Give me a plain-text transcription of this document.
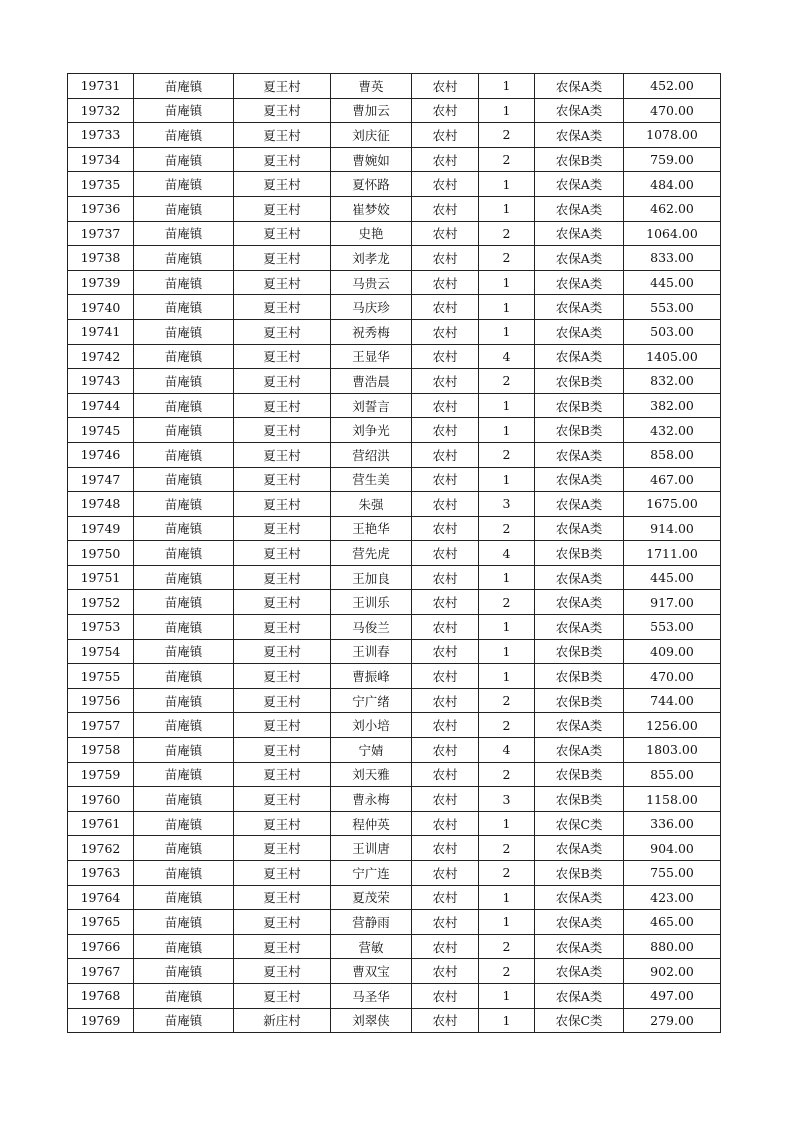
19731	苗庵镇	夏王村	曹英	农村	1	农保A类	452.00
19732	苗庵镇	夏王村	曹加云	农村	1	农保A类	470.00
19733	苗庵镇	夏王村	刘庆征	农村	2	农保A类	1078.00
19734	苗庵镇	夏王村	曹婉如	农村	2	农保B类	759.00
19735	苗庵镇	夏王村	夏怀路	农村	1	农保A类	484.00
19736	苗庵镇	夏王村	崔梦姣	农村	1	农保A类	462.00
19737	苗庵镇	夏王村	史艳	农村	2	农保A类	1064.00
19738	苗庵镇	夏王村	刘孝龙	农村	2	农保A类	833.00
19739	苗庵镇	夏王村	马贵云	农村	1	农保A类	445.00
19740	苗庵镇	夏王村	马庆珍	农村	1	农保A类	553.00
19741	苗庵镇	夏王村	祝秀梅	农村	1	农保A类	503.00
19742	苗庵镇	夏王村	王显华	农村	4	农保A类	1405.00
19743	苗庵镇	夏王村	曹浩晨	农村	2	农保B类	832.00
19744	苗庵镇	夏王村	刘誓言	农村	1	农保B类	382.00
19745	苗庵镇	夏王村	刘争光	农村	1	农保B类	432.00
19746	苗庵镇	夏王村	营绍洪	农村	2	农保A类	858.00
19747	苗庵镇	夏王村	营生美	农村	1	农保A类	467.00
19748	苗庵镇	夏王村	朱强	农村	3	农保A类	1675.00
19749	苗庵镇	夏王村	王艳华	农村	2	农保A类	914.00
19750	苗庵镇	夏王村	营先虎	农村	4	农保B类	1711.00
19751	苗庵镇	夏王村	王加良	农村	1	农保A类	445.00
19752	苗庵镇	夏王村	王训乐	农村	2	农保A类	917.00
19753	苗庵镇	夏王村	马俊兰	农村	1	农保A类	553.00
19754	苗庵镇	夏王村	王训春	农村	1	农保B类	409.00
19755	苗庵镇	夏王村	曹振峰	农村	1	农保B类	470.00
19756	苗庵镇	夏王村	宁广绪	农村	2	农保B类	744.00
19757	苗庵镇	夏王村	刘小培	农村	2	农保A类	1256.00
19758	苗庵镇	夏王村	宁婧	农村	4	农保A类	1803.00
19759	苗庵镇	夏王村	刘天雅	农村	2	农保B类	855.00
19760	苗庵镇	夏王村	曹永梅	农村	3	农保B类	1158.00
19761	苗庵镇	夏王村	程仲英	农村	1	农保C类	336.00
19762	苗庵镇	夏王村	王训唐	农村	2	农保A类	904.00
19763	苗庵镇	夏王村	宁广连	农村	2	农保B类	755.00
19764	苗庵镇	夏王村	夏茂荣	农村	1	农保A类	423.00
19765	苗庵镇	夏王村	营静雨	农村	1	农保A类	465.00
19766	苗庵镇	夏王村	营敏	农村	2	农保A类	880.00
19767	苗庵镇	夏王村	曹双宝	农村	2	农保A类	902.00
19768	苗庵镇	夏王村	马圣华	农村	1	农保A类	497.00
19769	苗庵镇	新庄村	刘翠侠	农村	1	农保C类	279.00
